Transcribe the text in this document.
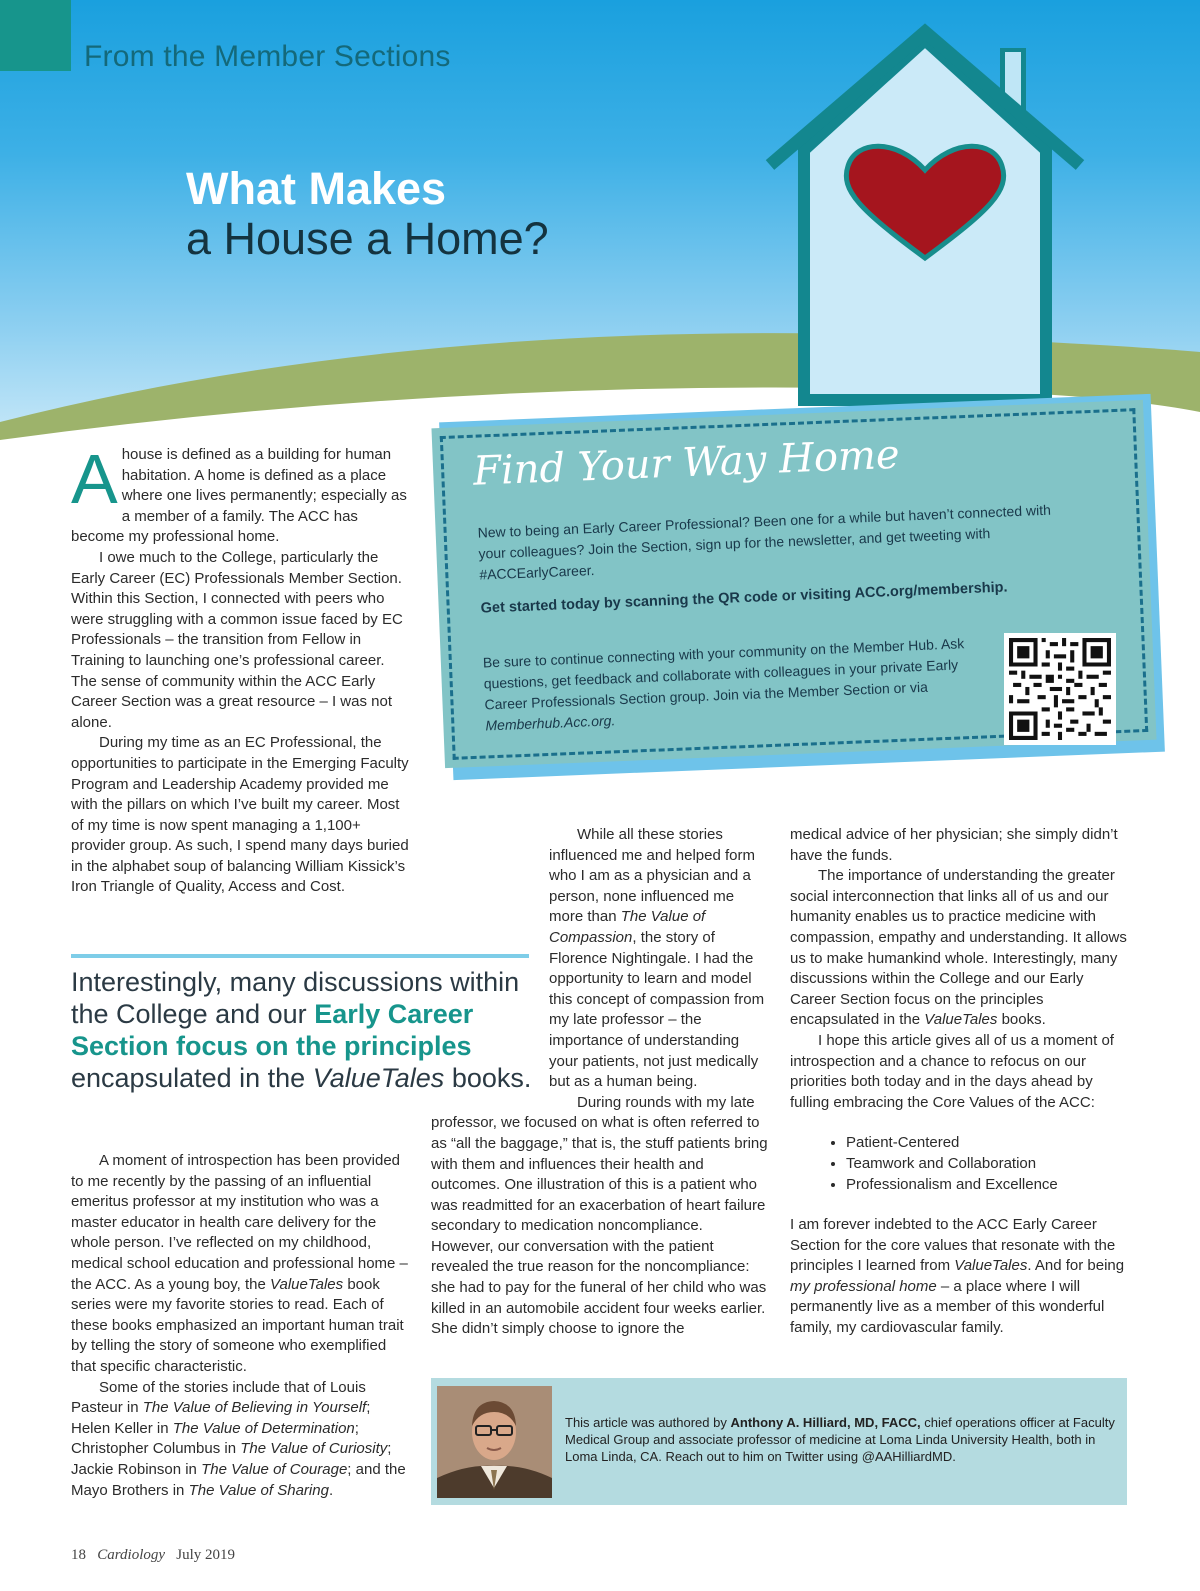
From the Member Sections
What Makes
a House a Home?
Find Your Way Home
New to being an Early Career Professional? Been one for a while but haven’t connected with your colleagues? Join the Section, sign up for the newsletter, and get tweeting with #ACCEarlyCareer.
Get started today by scanning the QR code or visiting ACC.org/membership.
Be sure to continue connecting with your community on the Member Hub. Ask questions, get feedback and collaborate with colleagues in your private Early Career Professionals Section group. Join via the Member Section or via Memberhub.Acc.org.

Ahouse is defined as a building for human habitation. A home is defined as a place where one lives permanently; especially as a member of a family. The ACC has become my professional home.

I owe much to the College, particularly the Early Career (EC) Professionals Member Section. Within this Section, I connected with peers who were struggling with a common issue faced by EC Professionals – the transition from Fellow in Training to launching one’s professional career. The sense of community within the ACC Early Career Section was a great resource – I was not alone.

During my time as an EC Professional, the opportunities to participate in the Emerging Faculty Program and Leadership Academy provided me with the pillars on which I’ve built my career. Most of my time is now spent managing a 1,100+ provider group. As such, I spend many days buried in the alphabet soup of balancing William Kissick’s Iron Triangle of Quality, Access and Cost.

Interestingly, many discussions within the College and our Early Career Section focus on the principles encapsulated in the ValueTales books.

A moment of introspection has been provided to me recently by the passing of an influential emeritus professor at my institution who was a master educator in health care delivery for the whole person. I’ve reflected on my childhood, medical school education and professional home – the ACC. As a young boy, the ValueTales book series were my favorite stories to read. Each of these books emphasized an important human trait by telling the story of someone who exemplified that specific characteristic.

Some of the stories include that of Louis Pasteur in The Value of Believing in Yourself; Helen Keller in The Value of Determination; Christopher Columbus in The Value of Curiosity; Jackie Robinson in The Value of Courage; and the Mayo Brothers in The Value of Sharing.

While all these stories influenced me and helped form who I am as a physician and a person, none influenced me more than The Value of Compassion, the story of Florence Nightingale. I had the opportunity to learn and model this concept of compassion from my late professor – the importance of understanding your patients, not just medically but as a human being.

During rounds with my late professor, we focused on what is often referred to as “all the baggage,” that is, the stuff patients bring with them and influences their health and outcomes. One illustration of this is a patient who was readmitted for an exacerbation of heart failure secondary to medication noncompliance. However, our conversation with the patient revealed the true reason for the noncompliance: she had to pay for the funeral of her child who was killed in an automobile accident four weeks earlier. She didn’t simply choose to ignore the

medical advice of her physician; she simply didn’t have the funds.

The importance of understanding the greater social interconnection that links all of us and our humanity enables us to practice medicine with compassion, empathy and understanding. It allows us to make humankind whole. Interestingly, many discussions within the College and our Early Career Section focus on the principles encapsulated in the ValueTales books.

I hope this article gives all of us a moment of introspection and a chance to refocus on our priorities both today and in the days ahead by fulling embracing the Core Values of the ACC:

• Patient-Centered
• Teamwork and Collaboration
• Professionalism and Excellence

I am forever indebted to the ACC Early Career Section for the core values that resonate with the principles I learned from ValueTales. And for being my professional home – a place where I will permanently live as a member of this wonderful family, my cardiovascular family.

This article was authored by Anthony A. Hilliard, MD, FACC, chief operations officer at Faculty Medical Group and associate professor of medicine at Loma Linda University Health, both in Loma Linda, CA. Reach out to him on Twitter using @AAHilliardMD.
18 Cardiology July 2019
